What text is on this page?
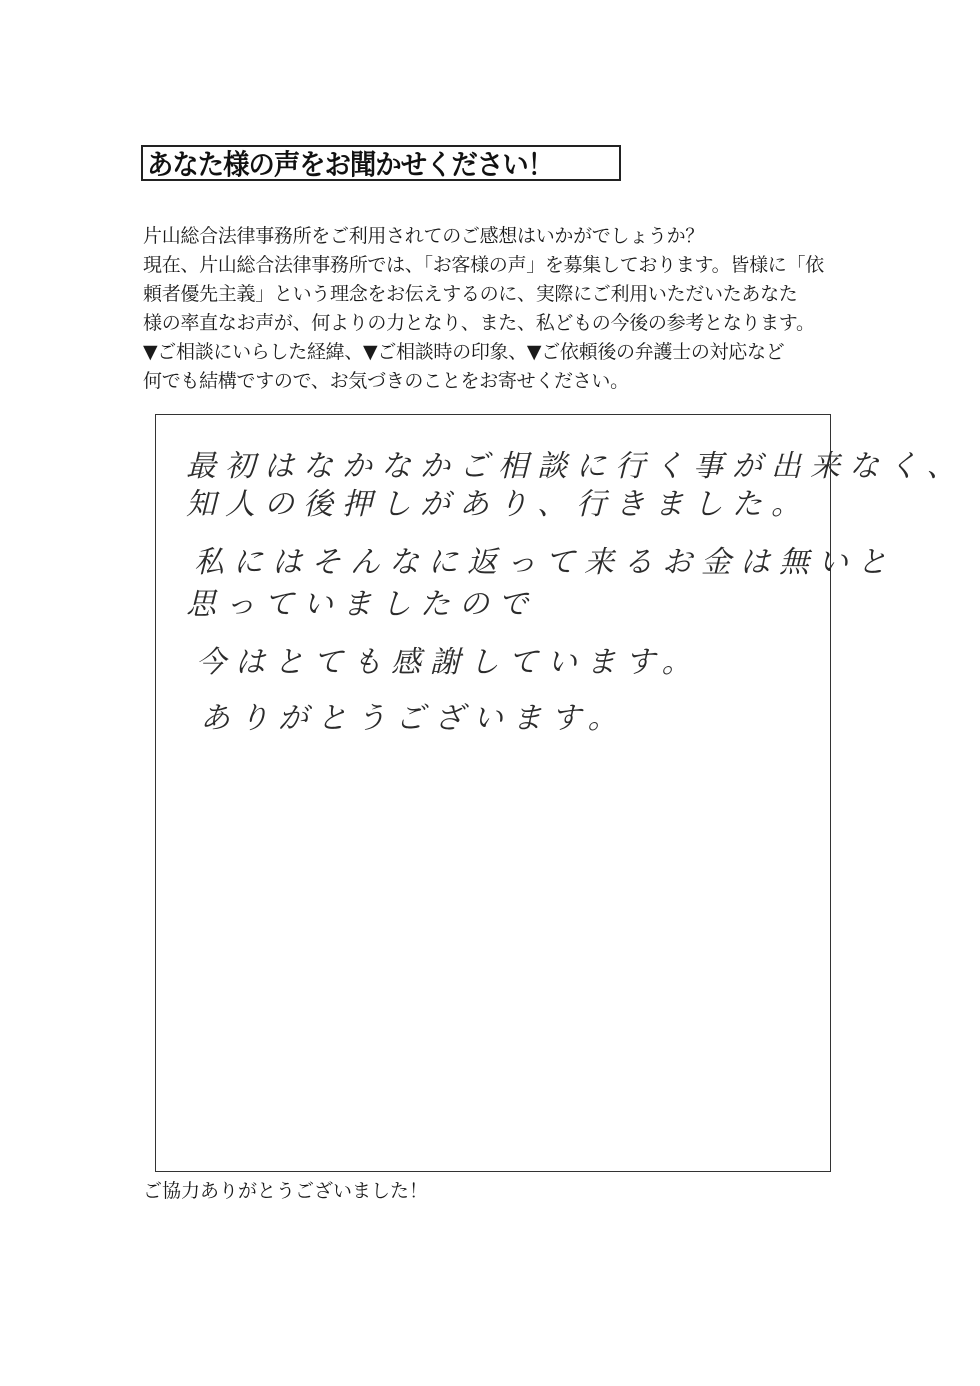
あなた様の声をお聞かせください！
片山総合法律事務所をご利用されてのご感想はいかがでしょうか？
現在、片山総合法律事務所では、「お客様の声」を募集しております。皆様に「依
頼者優先主義」という理念をお伝えするのに、実際にご利用いただいたあなた
様の率直なお声が、何よりの力となり、また、私どもの今後の参考となります。
▼ご相談にいらした経緯、▼ご相談時の印象、▼ご依頼後の弁護士の対応など
何でも結構ですので、お気づきのことをお寄せください。
最初はなかなかご相談に行く事が出来なく、
知人の後押しがあり、行きました。
私にはそんなに返って来るお金は無いと
思っていましたので
今はとても感謝しています。
ありがとうございます。
ご協力ありがとうございました！
